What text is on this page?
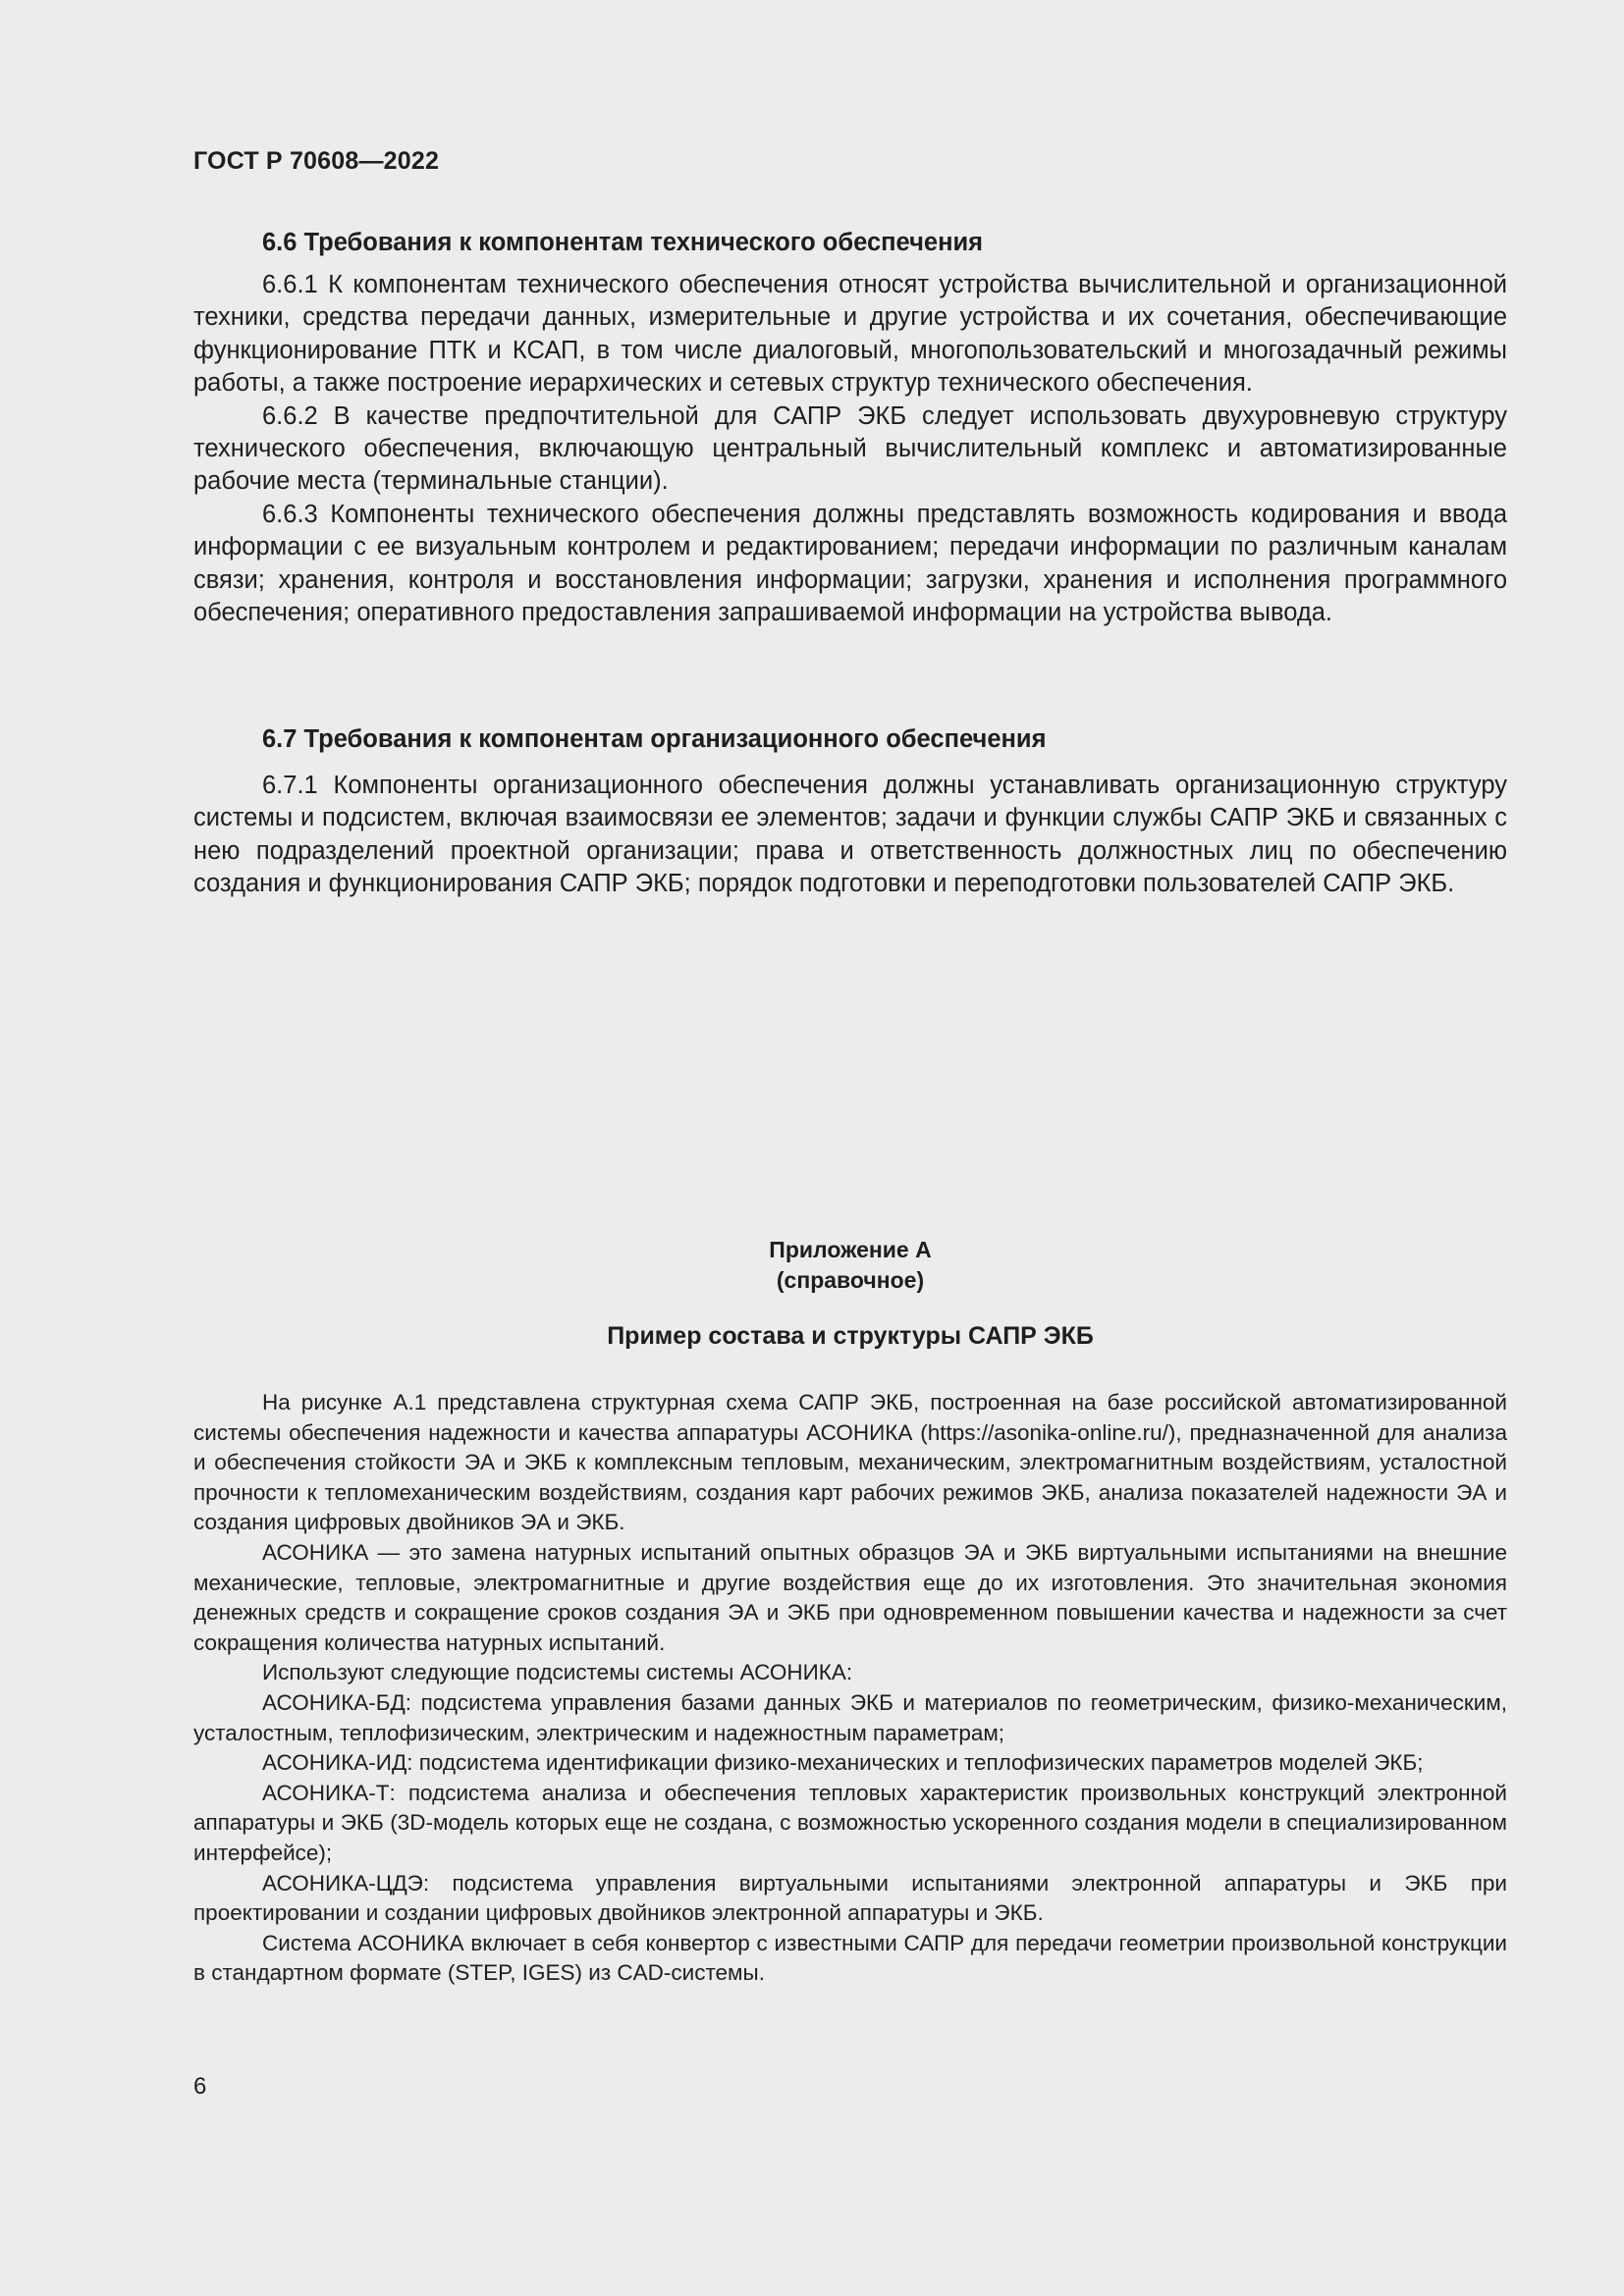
ГОСТ Р 70608—2022

6.6 Требования к компонентам технического обеспечения

6.6.1 К компонентам технического обеспечения относят устройства вычислительной и организационной техники, средства передачи данных, измерительные и другие устройства и их сочетания, обеспечивающие функционирование ПТК и КСАП, в том числе диалоговый, многопользовательский и многозадачный режимы работы, а также построение иерархических и сетевых структур технического обеспечения.

6.6.2 В качестве предпочтительной для САПР ЭКБ следует использовать двухуровневую структуру технического обеспечения, включающую центральный вычислительный комплекс и автоматизированные рабочие места (терминальные станции).

6.6.3 Компоненты технического обеспечения должны представлять возможность кодирования и ввода информации с ее визуальным контролем и редактированием; передачи информации по различным каналам связи; хранения, контроля и восстановления информации; загрузки, хранения и исполнения программного обеспечения; оперативного предоставления запрашиваемой информации на устройства вывода.

6.7 Требования к компонентам организационного обеспечения

6.7.1 Компоненты организационного обеспечения должны устанавливать организационную структуру системы и подсистем, включая взаимосвязи ее элементов; задачи и функции службы САПР ЭКБ и связанных с нею подразделений проектной организации; права и ответственность должностных лиц по обеспечению создания и функционирования САПР ЭКБ; порядок подготовки и переподготовки пользователей САПР ЭКБ.

Приложение А

(справочное)

Пример состава и структуры САПР ЭКБ

На рисунке А.1 представлена структурная схема САПР ЭКБ, построенная на базе российской автоматизированной системы обеспечения надежности и качества аппаратуры АСОНИКА (https://asonika-online.ru/), предназначенной для анализа и обеспечения стойкости ЭА и ЭКБ к комплексным тепловым, механическим, электромагнитным воздействиям, усталостной прочности к тепломеханическим воздействиям, создания карт рабочих режимов ЭКБ, анализа показателей надежности ЭА и создания цифровых двойников ЭА и ЭКБ.

АСОНИКА — это замена натурных испытаний опытных образцов ЭА и ЭКБ виртуальными испытаниями на внешние механические, тепловые, электромагнитные и другие воздействия еще до их изготовления. Это значительная экономия денежных средств и сокращение сроков создания ЭА и ЭКБ при одновременном повышении качества и надежности за счет сокращения количества натурных испытаний.

Используют следующие подсистемы системы АСОНИКА:

АСОНИКА-БД: подсистема управления базами данных ЭКБ и материалов по геометрическим, физико-механическим, усталостным, теплофизическим, электрическим и надежностным параметрам;

АСОНИКА-ИД: подсистема идентификации физико-механических и теплофизических параметров моделей ЭКБ;

АСОНИКА-Т: подсистема анализа и обеспечения тепловых характеристик произвольных конструкций электронной аппаратуры и ЭКБ (3D-модель которых еще не создана, с возможностью ускоренного создания модели в специализированном интерфейсе);

АСОНИКА-ЦДЭ: подсистема управления виртуальными испытаниями электронной аппаратуры и ЭКБ при проектировании и создании цифровых двойников электронной аппаратуры и ЭКБ.

Система АСОНИКА включает в себя конвертор с известными САПР для передачи геометрии произвольной конструкции в стандартном формате (STEP, IGES) из CAD-системы.

6
